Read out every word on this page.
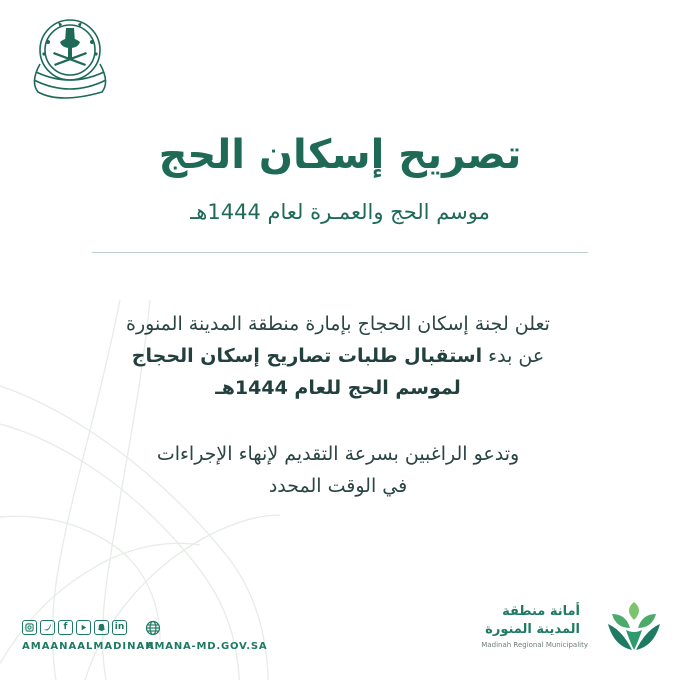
تصريح إسكان الحج
موسم الحج والعمـرة لعام 1444هـ
تعلن لجنة إسكان الحجاج بإمارة منطقة المدينة المنورة
عن بدء استقبال طلبات تصاريح إسكان الحجاج
لموسم الحج للعام 1444هـ
وتدعو الراغبين بسرعة التقديم لإنهاء الإجراءات
في الوقت المحدد
f	in
AMAANAALMADINAH
AMANA-MD.GOV.SA
أمانة منطقة
المدينة المنورة
Madinah Regional Municipality
